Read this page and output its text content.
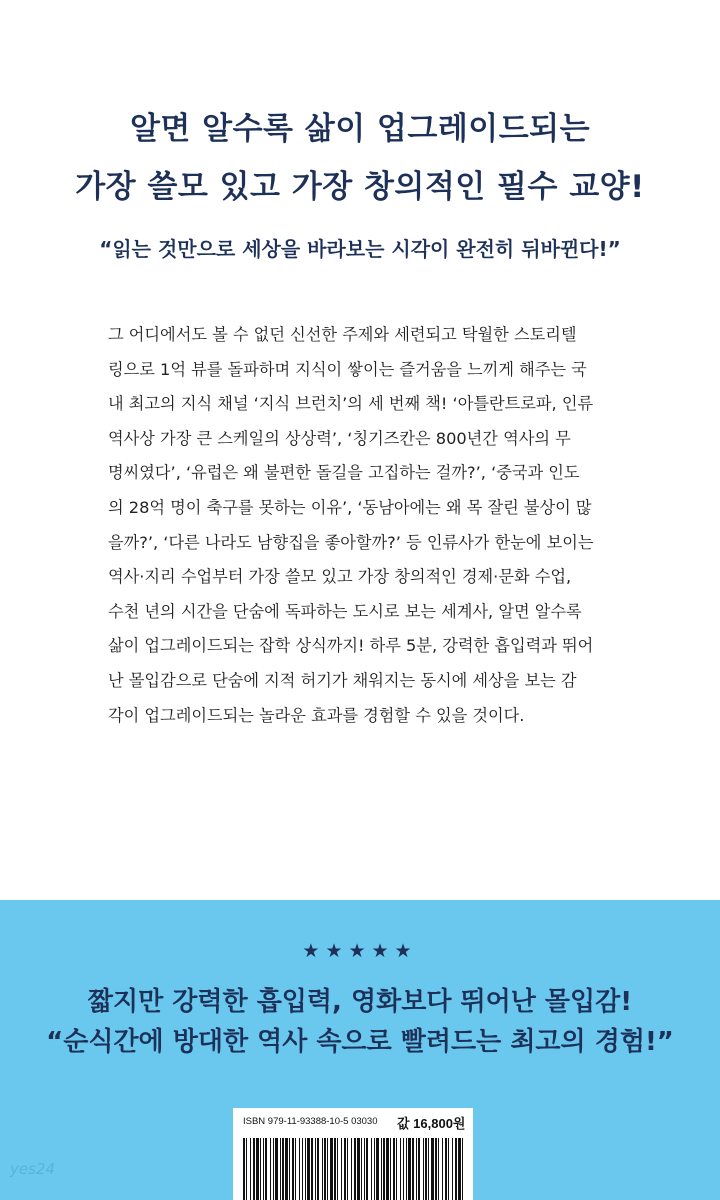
알면 알수록 삶이 업그레이드되는
가장 쓸모 있고 가장 창의적인 필수 교양!
“읽는 것만으로 세상을 바라보는 시각이 완전히 뒤바뀐다!”
그 어디에서도 볼 수 없던 신선한 주제와 세련되고 탁월한 스토리텔
링으로 1억 뷰를 돌파하며 지식이 쌓이는 즐거움을 느끼게 해주는 국
내 최고의 지식 채널 ‘지식 브런치’의 세 번째 책! ‘아틀란트로파, 인류
역사상 가장 큰 스케일의 상상력’, ‘칭기즈칸은 800년간 역사의 무
명씨였다’, ‘유럽은 왜 불편한 돌길을 고집하는 걸까?’, ‘중국과 인도
의 28억 명이 축구를 못하는 이유’, ‘동남아에는 왜 목 잘린 불상이 많
을까?’, ‘다른 나라도 남향집을 좋아할까?’ 등 인류사가 한눈에 보이는
역사·지리 수업부터 가장 쓸모 있고 가장 창의적인 경제·문화 수업,
수천 년의 시간을 단숨에 독파하는 도시로 보는 세계사, 알면 알수록
삶이 업그레이드되는 잡학 상식까지! 하루 5분, 강력한 흡입력과 뛰어
난 몰입감으로 단숨에 지적 허기가 채워지는 동시에 세상을 보는 감
각이 업그레이드되는 놀라운 효과를 경험할 수 있을 것이다.
★★★★★
짧지만 강력한 흡입력, 영화보다 뛰어난 몰입감!
“순식간에 방대한 역사 속으로 빨려드는 최고의 경험!”
ISBN 979-11-93388-10-5 03030 값 16,800원
yes24
